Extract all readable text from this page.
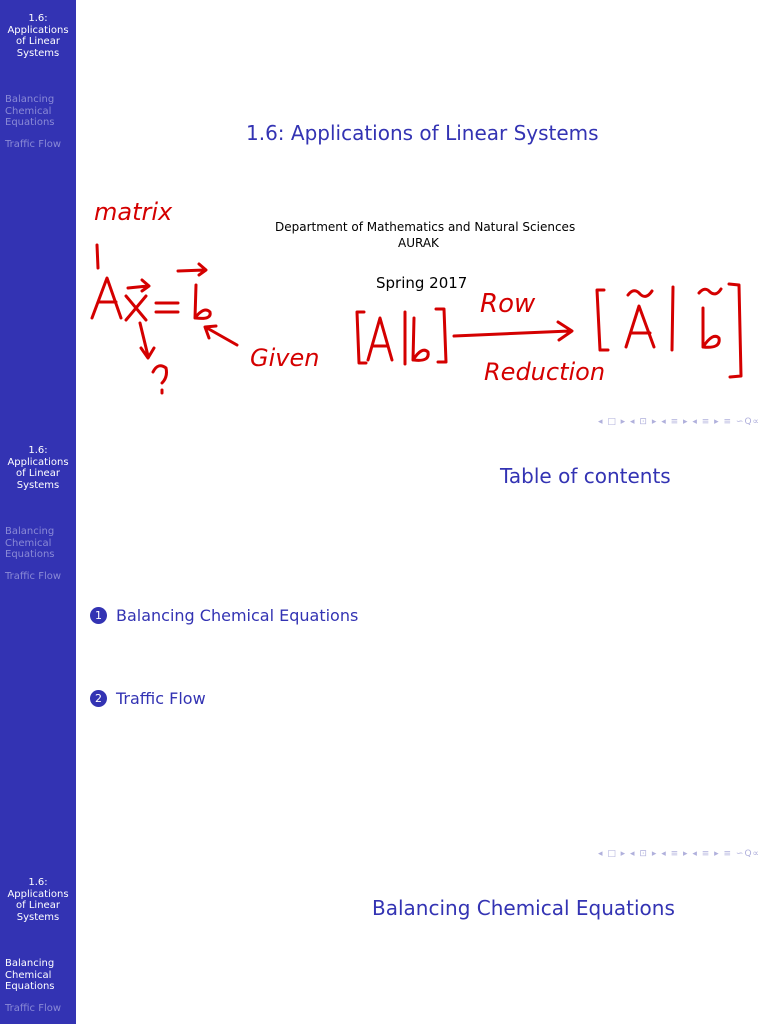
1.6: Applications of Linear Systems
Balancing Chemical Equations
Traffic Flow	1.6: Applications of Linear Systems
Department of Mathematics and Natural Sciences
AURAK
Spring 2017
matrix
Given
Row
Reduction
◂ □ ▸ ◂ ⊡ ▸ ◂ ≡ ▸ ◂ ≡ ▸ ≡ ∽Q∝
1.6: Applications of Linear Systems
Balancing Chemical Equations
Traffic Flow
Table of contents
1 Balancing Chemical Equations
2 Traffic Flow
◂ □ ▸ ◂ ⊡ ▸ ◂ ≡ ▸ ◂ ≡ ▸ ≡ ∽Q∝
1.6: Applications of Linear Systems
Balancing Chemical Equations
Traffic Flow
Balancing Chemical Equations
